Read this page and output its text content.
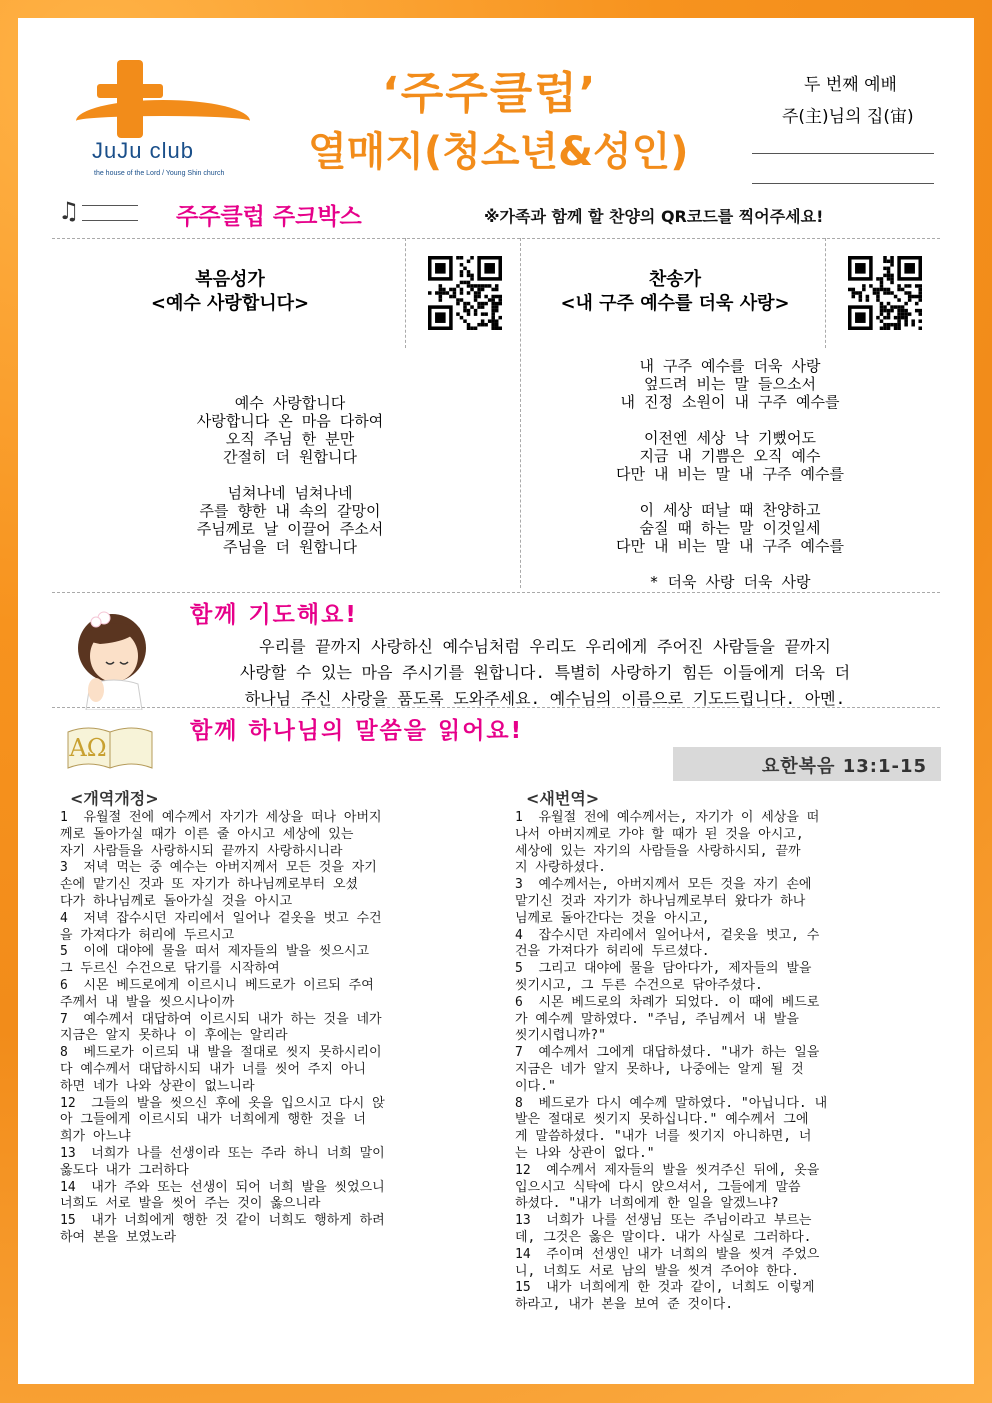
JuJu club
the house of the Lord / Young Shin church
‘주주클럽’
열매지(청소년&성인)
두 번째 예배
주(主)님의 집(宙)
♫	주주클럽 주크박스	※가족과 함께 할 찬양의 QR코드를 찍어주세요!
복음성가
<예수 사랑합니다>
예수 사랑합니다
사랑합니다 온 마음 다하여
오직 주님 한 분만
간절히 더 원합니다
넘쳐나네 넘쳐나네
주를 향한 내 속의 갈망이
주님께로 날 이끌어 주소서
주님을 더 원합니다
찬송가
<내 구주 예수를 더욱 사랑>
내 구주 예수를 더욱 사랑
엎드려 비는 말 들으소서
내 진정 소원이 내 구주 예수를
이전엔 세상 낙 기뻤어도
지금 내 기쁨은 오직 예수
다만 내 비는 말 내 구주 예수를
이 세상 떠날 때 찬양하고
숨질 때 하는 말 이것일세
다만 내 비는 말 내 구주 예수를
* 더욱 사랑 더욱 사랑
함께 기도해요!
우리를 끝까지 사랑하신 예수님처럼 우리도 우리에게 주어진 사람들을 끝까지
사랑할 수 있는 마음 주시기를 원합니다. 특별히 사랑하기 힘든 이들에게 더욱 더
하나님 주신 사랑을 품도록 도와주세요. 예수님의 이름으로 기도드립니다. 아멘.
AΩ
함께 하나님의 말씀을 읽어요!
요한복음 13:1-15
<개역개정>
1  유월절 전에 예수께서 자기가 세상을 떠나 아버지
께로 돌아가실 때가 이른 줄 아시고 세상에 있는
자기 사람들을 사랑하시되 끝까지 사랑하시니라
3  저녁 먹는 중 예수는 아버지께서 모든 것을 자기
손에 맡기신 것과 또 자기가 하나님께로부터 오셨
다가 하나님께로 돌아가실 것을 아시고
4  저녁 잡수시던 자리에서 일어나 겉옷을 벗고 수건
을 가져다가 허리에 두르시고
5  이에 대야에 물을 떠서 제자들의 발을 씻으시고
그 두르신 수건으로 닦기를 시작하여
6  시몬 베드로에게 이르시니 베드로가 이르되 주여
주께서 내 발을 씻으시나이까
7  예수께서 대답하여 이르시되 내가 하는 것을 네가
지금은 알지 못하나 이 후에는 알리라
8  베드로가 이르되 내 발을 절대로 씻지 못하시리이
다 예수께서 대답하시되 내가 너를 씻어 주지 아니
하면 네가 나와 상관이 없느니라
12  그들의 발을 씻으신 후에 옷을 입으시고 다시 앉
아 그들에게 이르시되 내가 너희에게 행한 것을 너
희가 아느냐
13  너희가 나를 선생이라 또는 주라 하니 너희 말이
옳도다 내가 그러하다
14  내가 주와 또는 선생이 되어 너희 발을 씻었으니
너희도 서로 발을 씻어 주는 것이 옳으니라
15  내가 너희에게 행한 것 같이 너희도 행하게 하려
하여 본을 보였노라
<새번역>
1  유월절 전에 예수께서는, 자기가 이 세상을 떠
나서 아버지께로 가야 할 때가 된 것을 아시고,
세상에 있는 자기의 사람들을 사랑하시되, 끝까
지 사랑하셨다.
3  예수께서는, 아버지께서 모든 것을 자기 손에
맡기신 것과 자기가 하나님께로부터 왔다가 하나
님께로 돌아간다는 것을 아시고,
4  잡수시던 자리에서 일어나서, 겉옷을 벗고, 수
건을 가져다가 허리에 두르셨다.
5  그리고 대야에 물을 담아다가, 제자들의 발을
씻기시고, 그 두른 수건으로 닦아주셨다.
6  시몬 베드로의 차례가 되었다. 이 때에 베드로
가 예수께 말하였다. "주님, 주님께서 내 발을
씻기시렵니까?"
7  예수께서 그에게 대답하셨다. "내가 하는 일을
지금은 네가 알지 못하나, 나중에는 알게 될 것
이다."
8  베드로가 다시 예수께 말하였다. "아닙니다. 내
발은 절대로 씻기지 못하십니다." 예수께서 그에
게 말씀하셨다. "내가 너를 씻기지 아니하면, 너
는 나와 상관이 없다."
12  예수께서 제자들의 발을 씻겨주신 뒤에, 옷을
입으시고 식탁에 다시 앉으셔서, 그들에게 말씀
하셨다. "내가 너희에게 한 일을 알겠느냐?
13  너희가 나를 선생님 또는 주님이라고 부르는
데, 그것은 옳은 말이다. 내가 사실로 그러하다.
14  주이며 선생인 내가 너희의 발을 씻겨 주었으
니, 너희도 서로 남의 발을 씻겨 주어야 한다.
15  내가 너희에게 한 것과 같이, 너희도 이렇게
하라고, 내가 본을 보여 준 것이다.
